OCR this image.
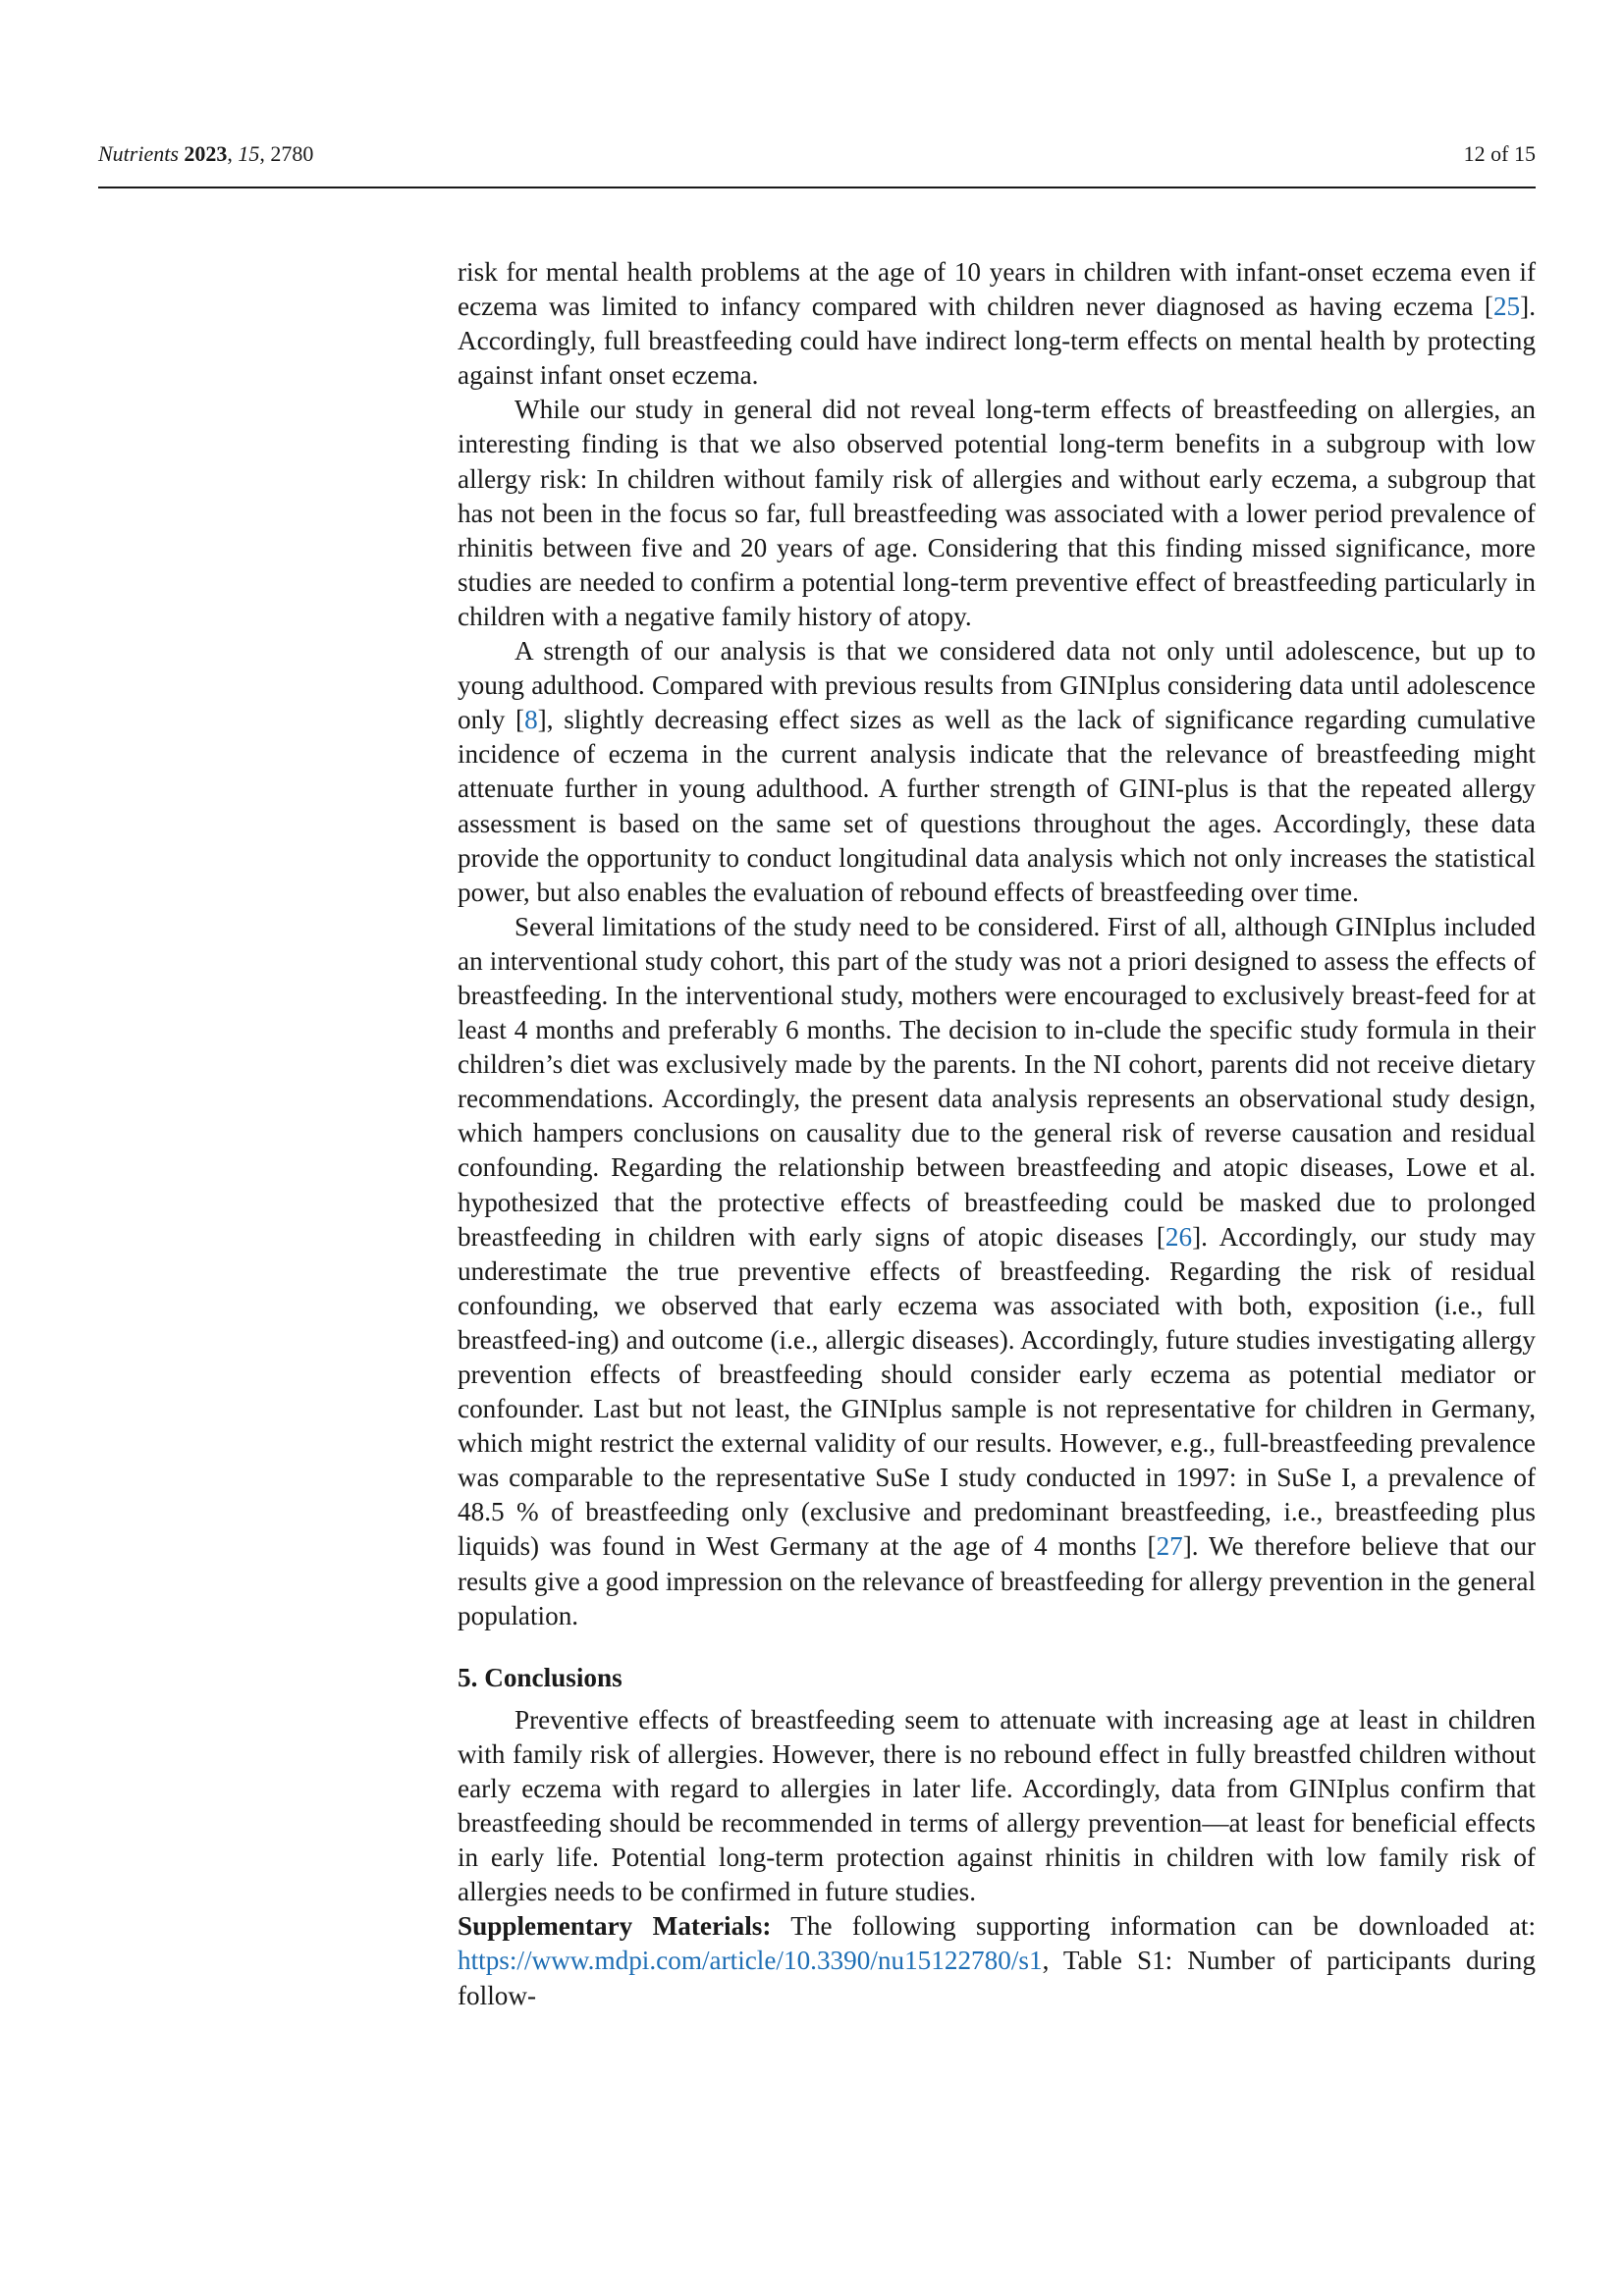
Nutrients 2023, 15, 2780	12 of 15

risk for mental health problems at the age of 10 years in children with infant-onset eczema even if eczema was limited to infancy compared with children never diagnosed as having eczema [25]. Accordingly, full breastfeeding could have indirect long-term effects on mental health by protecting against infant onset eczema.

While our study in general did not reveal long-term effects of breastfeeding on allergies, an interesting finding is that we also observed potential long-term benefits in a subgroup with low allergy risk: In children without family risk of allergies and without early eczema, a subgroup that has not been in the focus so far, full breastfeeding was associated with a lower period prevalence of rhinitis between five and 20 years of age. Considering that this finding missed significance, more studies are needed to confirm a potential long-term preventive effect of breastfeeding particularly in children with a negative family history of atopy.

A strength of our analysis is that we considered data not only until adolescence, but up to young adulthood. Compared with previous results from GINIplus considering data until adolescence only [8], slightly decreasing effect sizes as well as the lack of significance regarding cumulative incidence of eczema in the current analysis indicate that the relevance of breastfeeding might attenuate further in young adulthood. A further strength of GINI-plus is that the repeated allergy assessment is based on the same set of questions throughout the ages. Accordingly, these data provide the opportunity to conduct longitudinal data analysis which not only increases the statistical power, but also enables the evaluation of rebound effects of breastfeeding over time.

Several limitations of the study need to be considered. First of all, although GINIplus included an interventional study cohort, this part of the study was not a priori designed to assess the effects of breastfeeding. In the interventional study, mothers were encouraged to exclusively breast-feed for at least 4 months and preferably 6 months. The decision to in-clude the specific study formula in their children’s diet was exclusively made by the parents. In the NI cohort, parents did not receive dietary recommendations. Accordingly, the present data analysis represents an observational study design, which hampers conclusions on causality due to the general risk of reverse causation and residual confounding. Regarding the relationship between breastfeeding and atopic diseases, Lowe et al. hypothesized that the protective effects of breastfeeding could be masked due to prolonged breastfeeding in children with early signs of atopic diseases [26]. Accordingly, our study may underestimate the true preventive effects of breastfeeding. Regarding the risk of residual confounding, we observed that early eczema was associated with both, exposition (i.e., full breastfeed-ing) and outcome (i.e., allergic diseases). Accordingly, future studies investigating allergy prevention effects of breastfeeding should consider early eczema as potential mediator or confounder. Last but not least, the GINIplus sample is not representative for children in Germany, which might restrict the external validity of our results. However, e.g., full-breastfeeding prevalence was comparable to the representative SuSe I study conducted in 1997: in SuSe I, a prevalence of 48.5 % of breastfeeding only (exclusive and predominant breastfeeding, i.e., breastfeeding plus liquids) was found in West Germany at the age of 4 months [27]. We therefore believe that our results give a good impression on the relevance of breastfeeding for allergy prevention in the general population.

5. Conclusions

Preventive effects of breastfeeding seem to attenuate with increasing age at least in children with family risk of allergies. However, there is no rebound effect in fully breastfed children without early eczema with regard to allergies in later life. Accordingly, data from GINIplus confirm that breastfeeding should be recommended in terms of allergy prevention—at least for beneficial effects in early life. Potential long-term protection against rhinitis in children with low family risk of allergies needs to be confirmed in future studies.

Supplementary Materials: The following supporting information can be downloaded at: https://www.mdpi.com/article/10.3390/nu15122780/s1, Table S1: Number of participants during follow-
